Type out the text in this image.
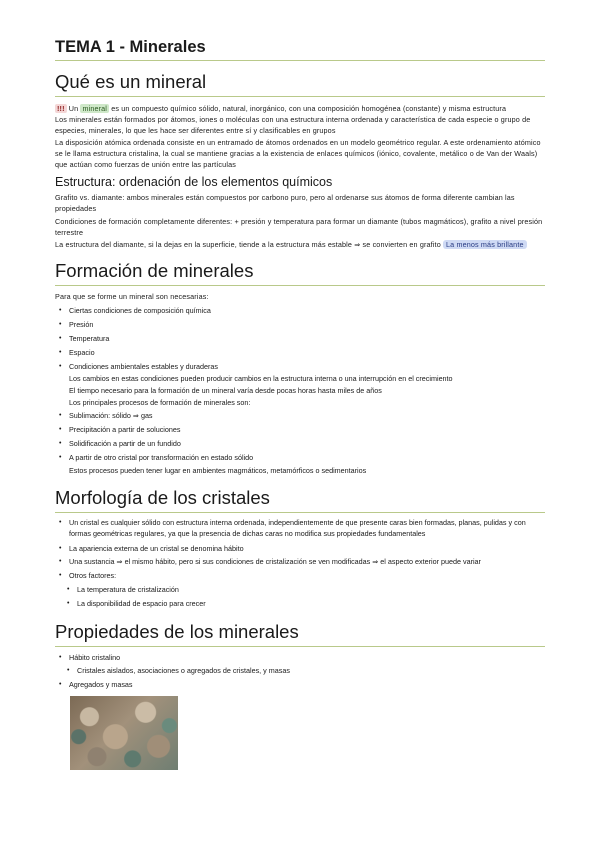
TEMA 1 - Minerales
Qué es un mineral

!!! Un mineral es un compuesto químico sólido, natural, inorgánico, con una composición homogénea (constante) y misma estructura

Los minerales están formados por átomos, iones o moléculas con una estructura interna ordenada y característica de cada especie o grupo de especies, minerales, lo que les hace ser diferentes entre sí y clasificables en grupos

La disposición atómica ordenada consiste en un entramado de átomos ordenados en un modelo geométrico regular. A este ordenamiento atómico se le llama estructura cristalina, la cual se mantiene gracias a la existencia de enlaces químicos (iónico, covalente, metálico o de Van der Waals) que actúan como fuerzas de unión entre las partículas

Estructura: ordenación de los elementos químicos

Grafito vs. diamante: ambos minerales están compuestos por carbono puro, pero al ordenarse sus átomos de forma diferente cambian las propiedades

Condiciones de formación completamente diferentes: + presión y temperatura para formar un diamante (tubos magmáticos), grafito a nivel presión terrestre

La estructura del diamante, si la dejas en la superficie, tiende a la estructura más estable ⇒ se convierten en grafito La menos más brillante

Formación de minerales

Para que se forme un mineral son necesarias:

• Ciertas condiciones de composición química
• Presión
• Temperatura
• Espacio
• Condiciones ambientales estables y duraderas
Los cambios en estas condiciones pueden producir cambios en la estructura interna o una interrupción en el crecimiento
El tiempo necesario para la formación de un mineral varía desde pocas horas hasta miles de años
Los principales procesos de formación de minerales son:
• Sublimación: sólido ⇒ gas
• Precipitación a partir de soluciones
• Solidificación a partir de un fundido
• A partir de otro cristal por transformación en estado sólido
Estos procesos pueden tener lugar en ambientes magmáticos, metamórficos o sedimentarios
Morfología de los cristales
• Un cristal es cualquier sólido con estructura interna ordenada, independientemente de que presente caras bien formadas, planas, pulidas y con formas geométricas regulares, ya que la presencia de dichas caras no modifica sus propiedades fundamentales
• La apariencia externa de un cristal se denomina hábito
• Una sustancia ⇒ el mismo hábito, pero si sus condiciones de cristalización se ven modificadas ⇒ el aspecto exterior puede variar
• Otros factores:
• La temperatura de cristalización
• La disponibilidad de espacio para crecer
Propiedades de los minerales
• Hábito cristalino
• Cristales aislados, asociaciones o agregados de cristales, y masas
• Agregados y masas
